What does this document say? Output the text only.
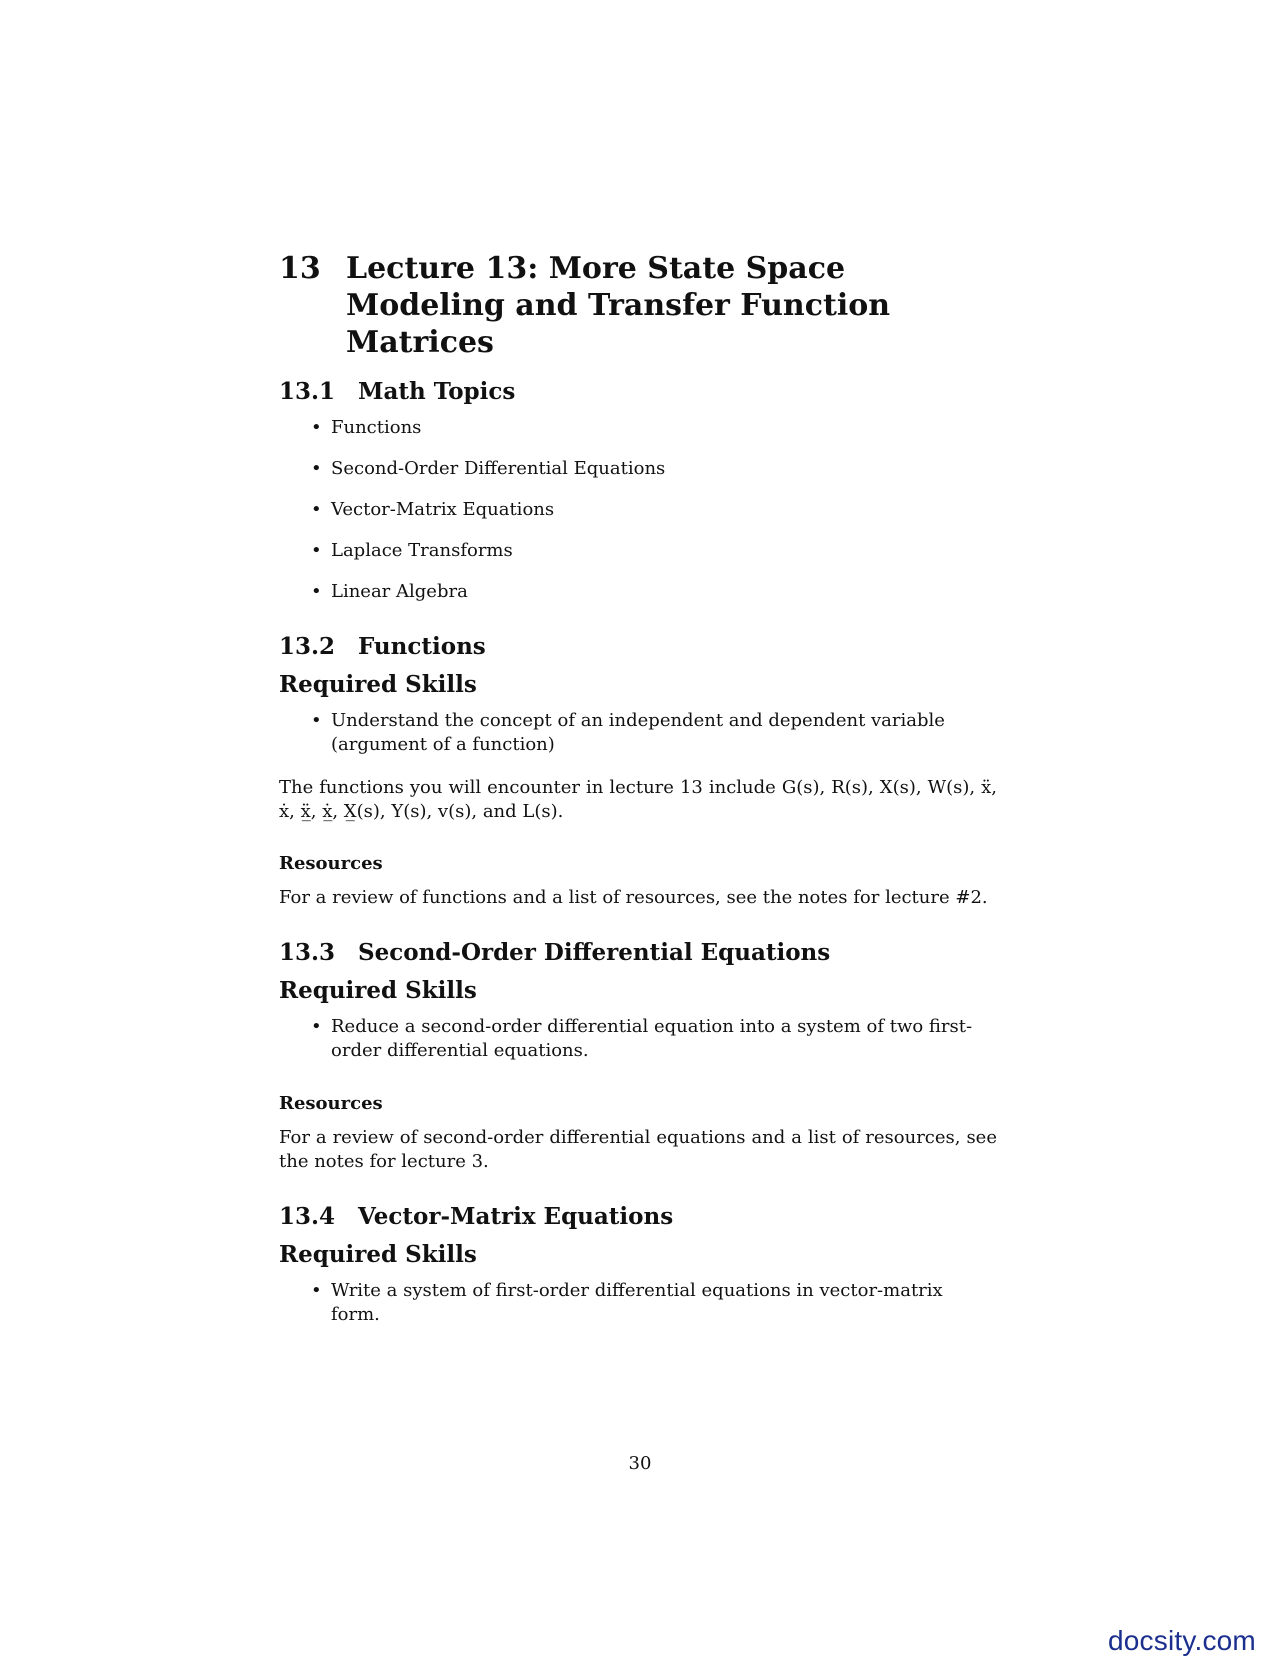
13 Lecture 13: More State Space Modeling and Transfer Function Matrices
13.1 Math Topics
• Functions
• Second-Order Differential Equations
• Vector-Matrix Equations
• Laplace Transforms
• Linear Algebra
13.2 Functions
Required Skills
• Understand the concept of an independent and dependent variable (argument of a function)

The functions you will encounter in lecture 13 include G(s), R(s), X(s), W(s), ẍ, ẋ, ẍ̲, ẋ̲, X̲(s), Y(s), v(s), and L(s).

Resources

For a review of functions and a list of resources, see the notes for lecture #2.

13.3 Second-Order Differential Equations
Required Skills
• Reduce a second-order differential equation into a system of two first-order differential equations.
Resources

For a review of second-order differential equations and a list of resources, see the notes for lecture 3.

13.4 Vector-Matrix Equations
Required Skills
• Write a system of first-order differential equations in vector-matrix form.
30
docsity.com
